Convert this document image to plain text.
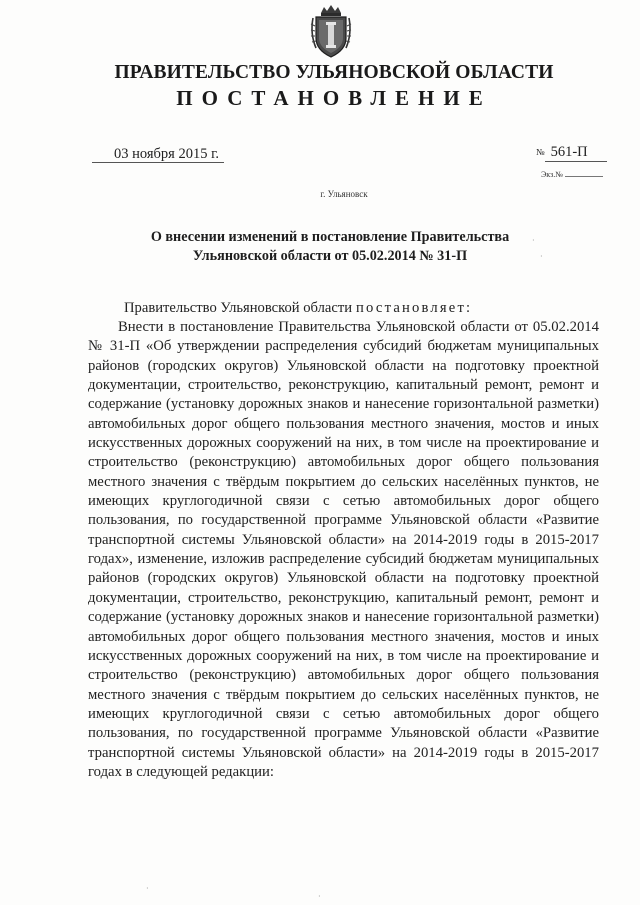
ПРАВИТЕЛЬСТВО УЛЬЯНОВСКОЙ ОБЛАСТИ
ПОСТАНОВЛЕНИЕ
03 ноября 2015 г.	№ 561-П
Экз.№
г. Ульяновск
О внесении изменений в постановление Правительства
Ульяновской области от 05.02.2014 № 31-П
Правительство Ульяновской области постановляет:

Внести в постановление Правительства Ульяновской области от 05.02.2014 № 31-П «Об утверждении распределения субсидий бюджетам муниципальных районов (городских округов) Ульяновской области на подготовку проектной документации, строительство, реконструкцию, капитальный ремонт, ремонт и содержание (установку дорожных знаков и нанесение горизонтальной разметки) автомобильных дорог общего пользования местного значения, мостов и иных искусственных дорожных сооружений на них, в том числе на проектирование и строительство (реконструкцию) автомобильных дорог общего пользования местного значения с твёрдым покрытием до сельских населённых пунктов, не имеющих круглогодичной связи с сетью автомобильных дорог общего пользования, по государственной программе Ульяновской области «Развитие транспортной системы Ульяновской области» на 2014-2019 годы в 2015-2017 годах», изменение, изложив распределение субсидий бюджетам муниципальных районов (городских округов) Ульяновской области на подготовку проектной документации, строительство, реконструкцию, капитальный ремонт, ремонт и содержание (установку дорожных знаков и нанесение горизонтальной разметки) автомобильных дорог общего пользования местного значения, мостов и иных искусственных дорожных сооружений на них, в том числе на проектирование и строительство (реконструкцию) автомобильных дорог общего пользования местного значения с твёрдым покрытием до сельских населённых пунктов, не имеющих круглогодичной связи с сетью автомобильных дорог общего пользования, по государственной программе Ульяновской области «Развитие транспортной системы Ульяновской области» на 2014-2019 годы в 2015-2017 годах в следующей редакции:

·
·
·
·
